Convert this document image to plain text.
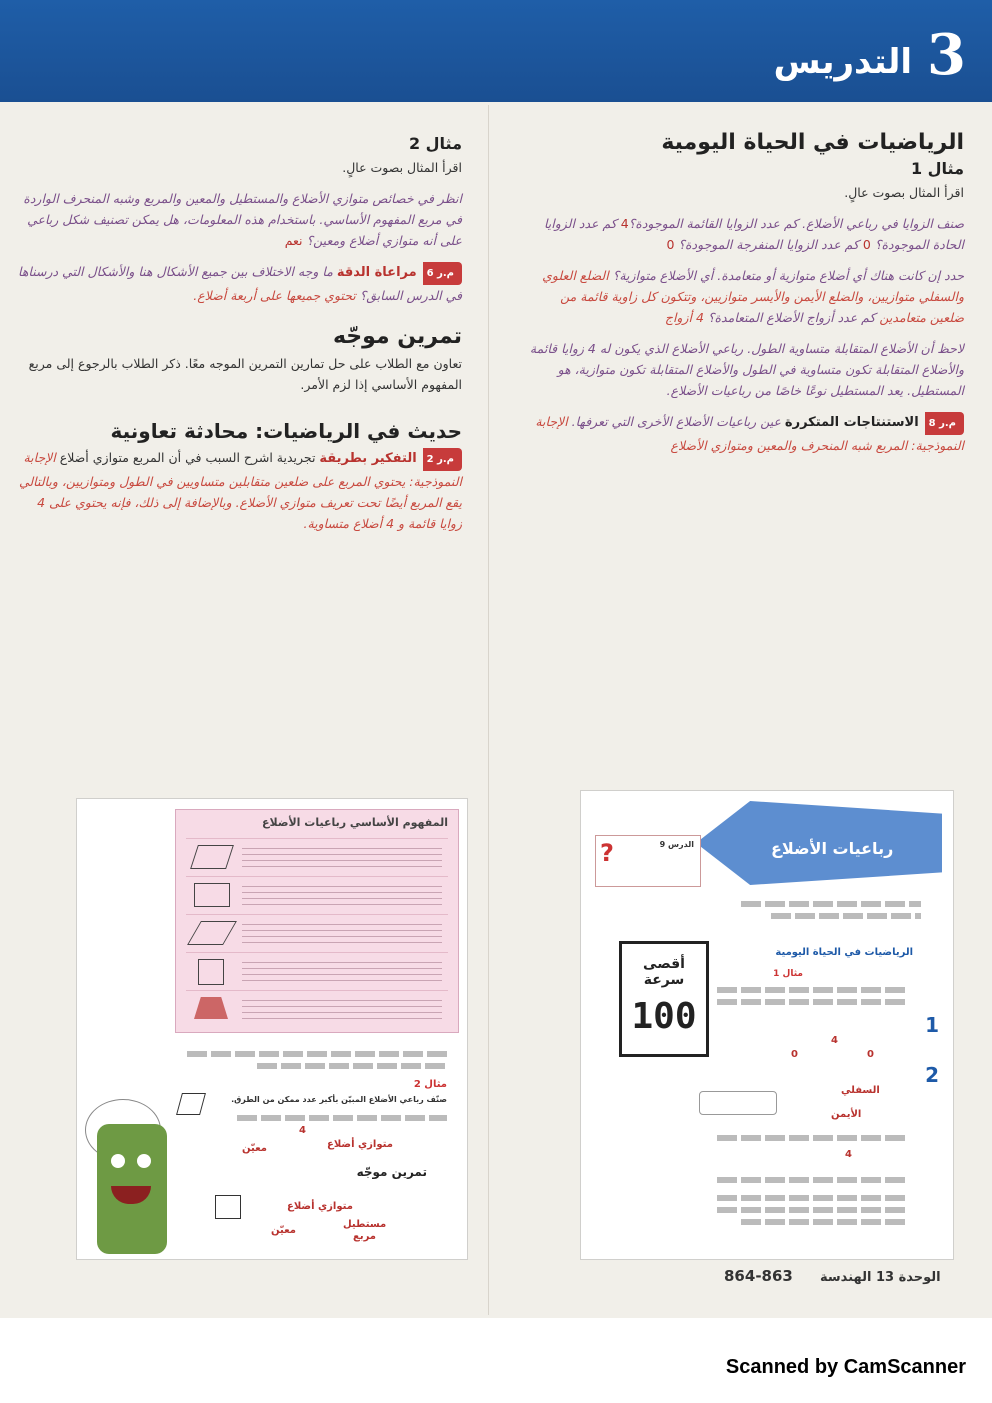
3
التدريس
الرياضيات في الحياة اليومية
مثال 1

اقرأ المثال بصوت عالٍ.

صنف الزوايا في رباعي الأضلاع. كم عدد الزوايا القائمة الموجودة؟4 كم عدد الزوايا الحادة الموجودة؟ 0 كم عدد الزوايا المنفرجة الموجودة؟ 0

حدد إن كانت هناك أي أضلاع متوازية أو متعامدة. أي الأضلاع متوازية؟ الضلع العلوي والسفلي متوازيين، والضلع الأيمن والأيسر متوازيين، وتتكون كل زاوية قائمة من ضلعين متعامدين كم عدد أزواج الأضلاع المتعامدة؟ 4 أزواج

لاحظ أن الأضلاع المتقابلة متساوية الطول. رباعي الأضلاع الذي يكون له 4 زوايا قائمة والأضلاع المتقابلة تكون متساوية في الطول والأضلاع المتقابلة تكون متوازية، هو المستطيل. يعد المستطيل نوعًا خاصًا من رباعيات الأضلاع.

م.ر 8الاستنتاجات المتكررة عين رباعيات الأضلاع الأخرى التي تعرفها. الإجابة النموذجية: المربع شبه المنحرف والمعين ومتوازي الأضلاع

مثال 2

اقرأ المثال بصوت عالٍ.

انظر في خصائص متوازي الأضلاع والمستطيل والمعين والمربع وشبه المنحرف الواردة في مربع المفهوم الأساسي. باستخدام هذه المعلومات، هل يمكن تصنيف شكل رباعي على أنه متوازي أضلاع ومعين؟ نعم

م.ر 6مراعاة الدقة ما وجه الاختلاف بين جميع الأشكال هنا والأشكال التي درسناها في الدرس السابق؟ تحتوي جميعها على أربعة أضلاع.

تمرين موجّه

تعاون مع الطلاب على حل تمارين التمرين الموجه معًا. ذكر الطلاب بالرجوع إلى مربع المفهوم الأساسي إذا لزم الأمر.

حديث في الرياضيات: محادثة تعاونية

م.ر 2التفكير بطريقة تجريدية اشرح السبب في أن المربع متوازي أضلاع الإجابة النموذجية: يحتوي المربع على ضلعين متقابلين متساويين في الطول ومتوازيين، وبالتالي يقع المربع أيضًا تحت تعريف متوازي الأضلاع. وبالإضافة إلى ذلك، فإنه يحتوي على 4 زوايا قائمة و 4 أضلاع متساوية.

المفهوم الأساسي رباعيات الأضلاع
مثال 2
صنّف رباعي الأضلاع المبيّن بأكبر عدد ممكن من الطرق.
4
متوازي أضلاع
معيّن
تمرين موجّه
متوازي أضلاع
مستطيل
مربع
معيّن
رباعيات الأضلاع
الدرس 9
?
الرياضيات في الحياة اليومية
مثال 1
أقصى سرعة
100	1
4
0	0
2
السفلي
الأيمن
4
الوحدة 13 الهندسة      863-864
Scanned by CamScanner
